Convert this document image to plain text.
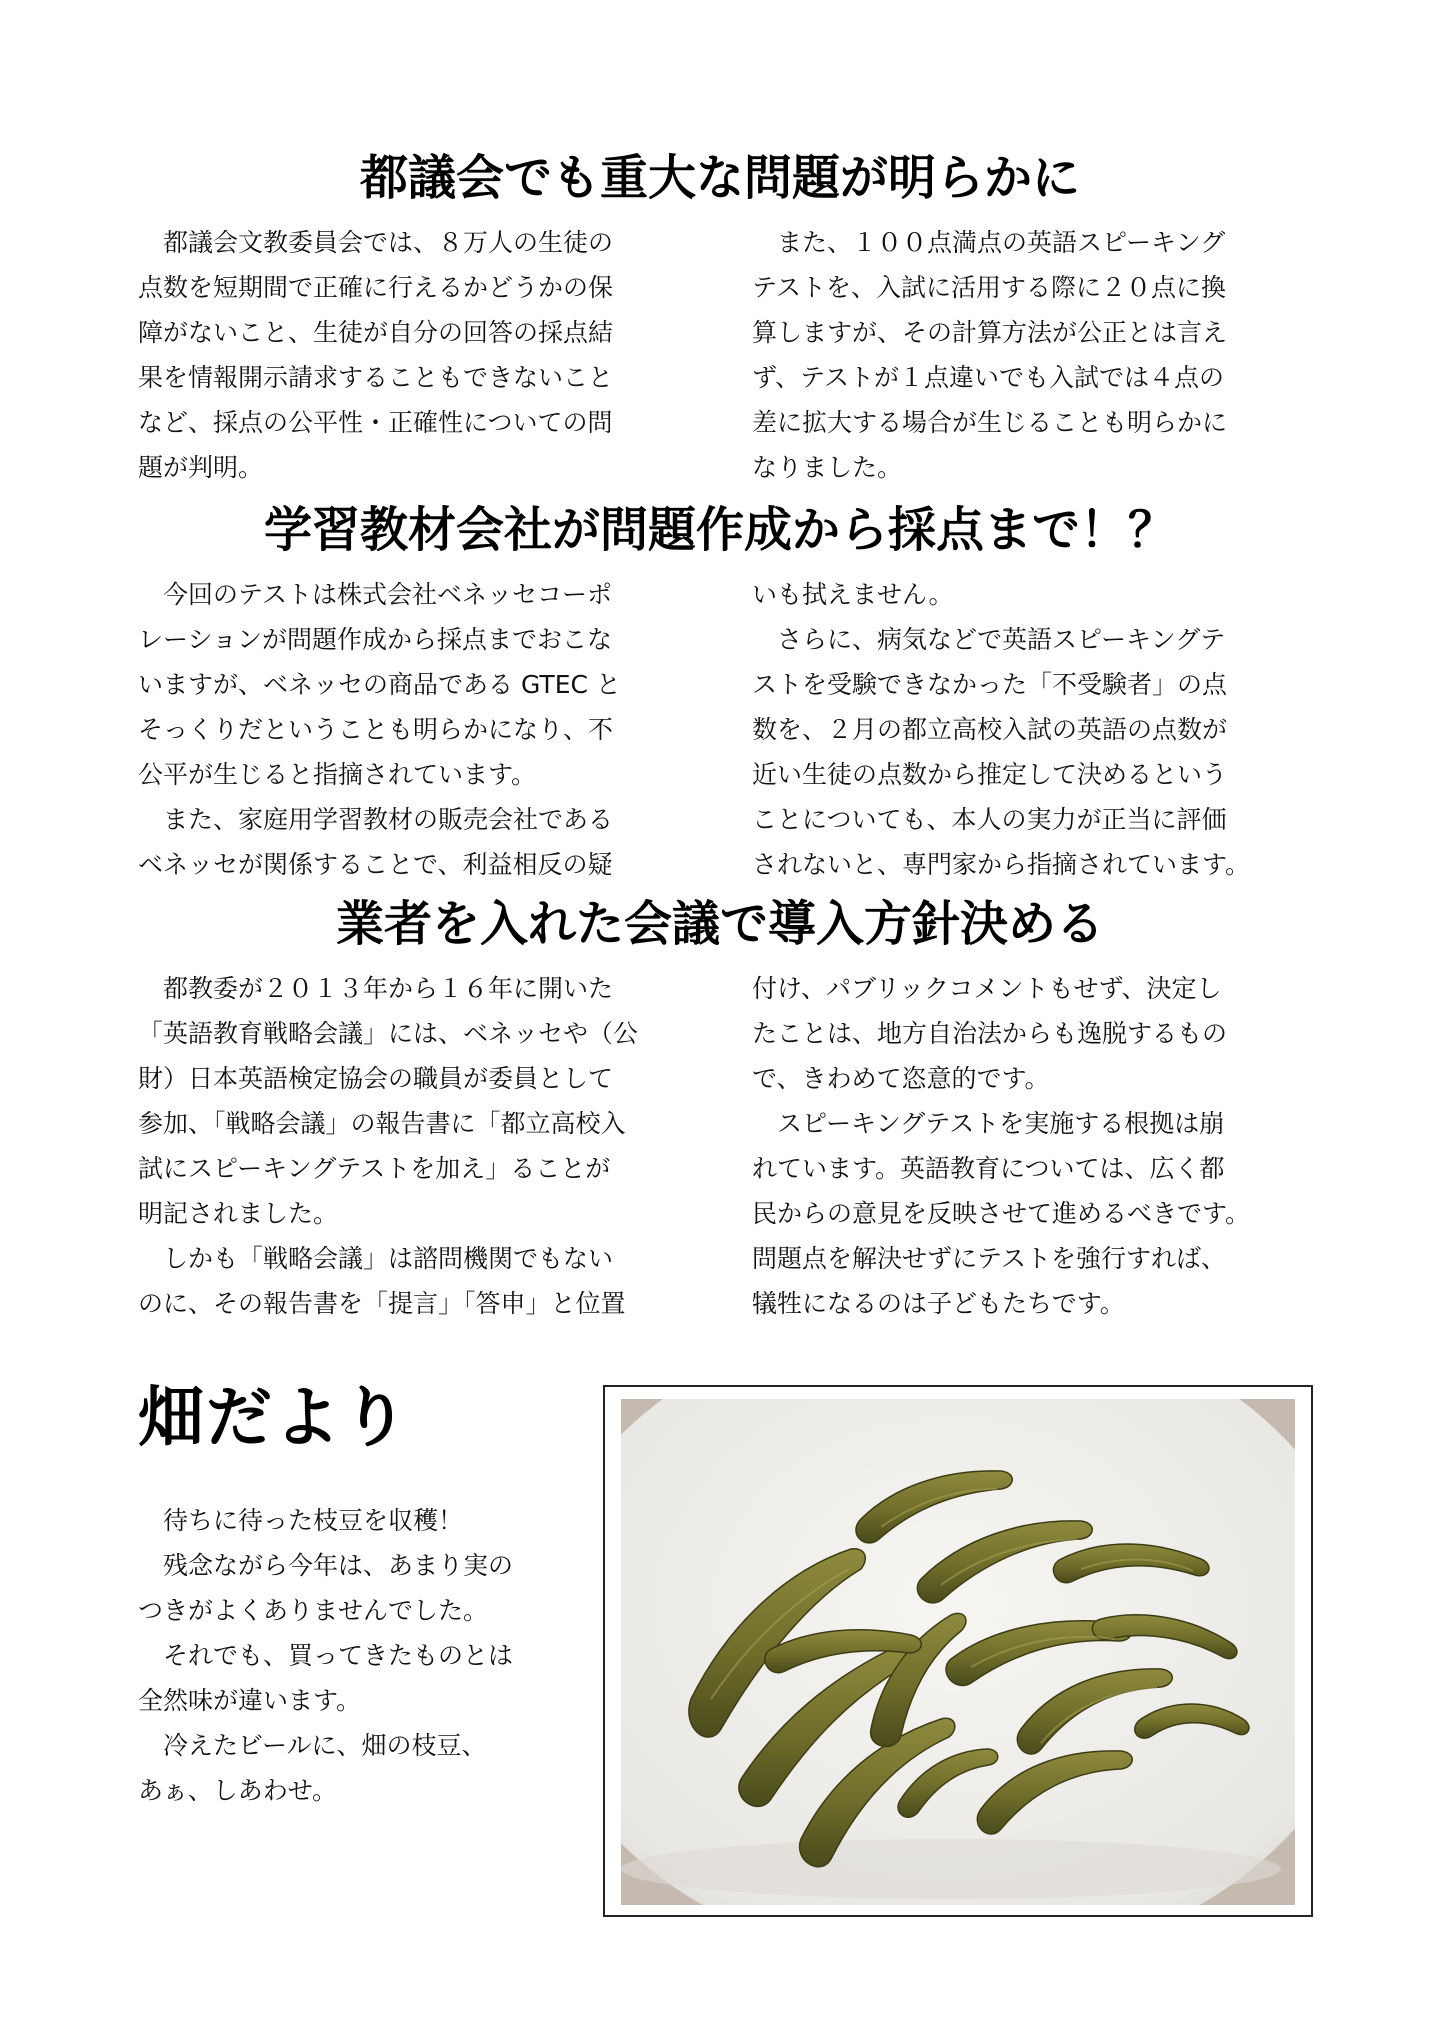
都議会でも重大な問題が明らかに
都議会文教委員会では、８万人の生徒の
点数を短期間で正確に行えるかどうかの保
障がないこと、生徒が自分の回答の採点結
果を情報開示請求することもできないこと
など、採点の公平性・正確性についての問
題が判明。
また、１００点満点の英語スピーキング
テストを、入試に活用する際に２０点に換
算しますが、その計算方法が公正とは言え
ず、テストが１点違いでも入試では４点の
差に拡大する場合が生じることも明らかに
なりました。
学習教材会社が問題作成から採点まで！？
今回のテストは株式会社ベネッセコーポ
レーションが問題作成から採点までおこな
いますが、ベネッセの商品である GTEC と
そっくりだということも明らかになり、不
公平が生じると指摘されています。
また、家庭用学習教材の販売会社である
ベネッセが関係することで、利益相反の疑
いも拭えません。
さらに、病気などで英語スピーキングテ
ストを受験できなかった「不受験者」の点
数を、２月の都立高校入試の英語の点数が
近い生徒の点数から推定して決めるという
ことについても、本人の実力が正当に評価
されないと、専門家から指摘されています。
業者を入れた会議で導入方針決める
都教委が２０１３年から１６年に開いた
「英語教育戦略会議」には、ベネッセや（公
財）日本英語検定協会の職員が委員として
参加、「戦略会議」の報告書に「都立高校入
試にスピーキングテストを加え」ることが
明記されました。
しかも「戦略会議」は諮問機関でもない
のに、その報告書を「提言」「答申」と位置
付け、パブリックコメントもせず、決定し
たことは、地方自治法からも逸脱するもの
で、きわめて恣意的です。
スピーキングテストを実施する根拠は崩
れています。英語教育については、広く都
民からの意見を反映させて進めるべきです。
問題点を解決せずにテストを強行すれば、
犠牲になるのは子どもたちです。
畑だより
待ちに待った枝豆を収穫！
残念ながら今年は、あまり実の
つきがよくありませんでした。
それでも、買ってきたものとは
全然味が違います。
冷えたビールに、畑の枝豆、
あぁ、しあわせ。
